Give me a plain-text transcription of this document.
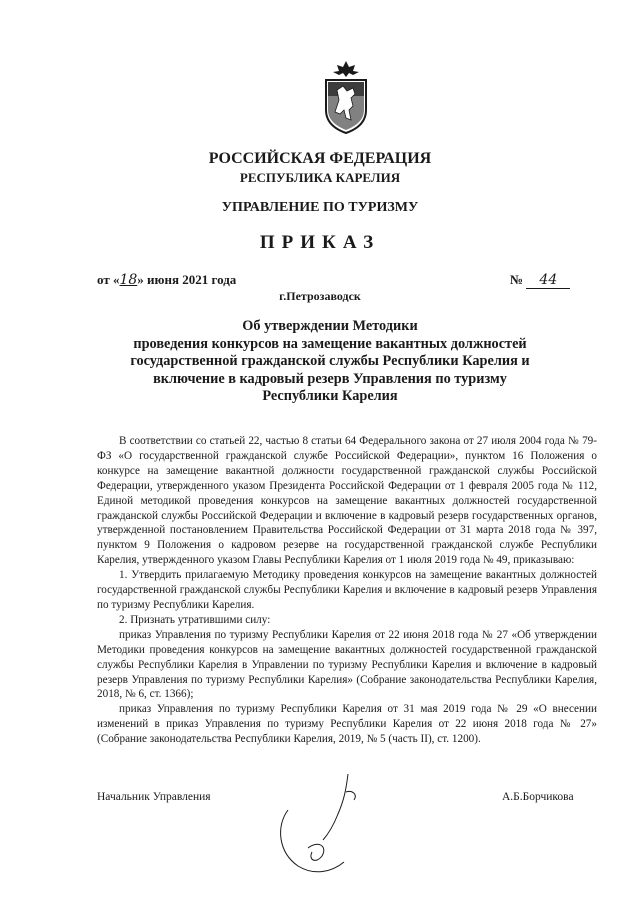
РОССИЙСКАЯ ФЕДЕРАЦИЯ
РЕСПУБЛИКА КАРЕЛИЯ
УПРАВЛЕНИЕ ПО ТУРИЗМУ
ПРИКАЗ
от «18» июня 2021 года	№ 44
г.Петрозаводск
Об утверждении Методики
проведения конкурсов на замещение вакантных должностей
государственной гражданской службы Республики Карелия и
включение в кадровый резерв Управления по туризму
Республики Карелия

В соответствии со статьей 22, частью 8 статьи 64 Федерального закона от 27 июля 2004 года № 79-ФЗ «О государственной гражданской службе Российской Федерации», пунктом 16 Положения о конкурсе на замещение вакантной должности государственной гражданской службы Российской Федерации, утвержденного указом Президента Российской Федерации от 1 февраля 2005 года № 112, Единой методикой проведения конкурсов на замещение вакантных должностей государственной гражданской службы Российской Федерации и включение в кадровый резерв государственных органов, утвержденной постановлением Правительства Российской Федерации от 31 марта 2018 года № 397, пунктом 9 Положения о кадровом резерве на государственной гражданской службе Республики Карелия, утвержденного указом Главы Республики Карелия от 1 июля 2019 года № 49, приказываю:

1. Утвердить прилагаемую Методику проведения конкурсов на замещение вакантных должностей государственной гражданской службы Республики Карелия и включение в кадровый резерв Управления по туризму Республики Карелия.

2. Признать утратившими силу:

приказ Управления по туризму Республики Карелия от 22 июня 2018 года № 27 «Об утверждении Методики проведения конкурсов на замещение вакантных должностей государственной гражданской службы Республики Карелия в Управлении по туризму Республики Карелия и включение в кадровый резерв Управления по туризму Республики Карелия» (Собрание законодательства Республики Карелия, 2018, № 6, ст. 1366);

приказ Управления по туризму Республики Карелия от 31 мая 2019 года № 29 «О внесении изменений в приказ Управления по туризму Республики Карелия от 22 июня 2018 года № 27» (Собрание законодательства Республики Карелия, 2019, № 5 (часть II), ст. 1200).

Начальник Управления	А.Б.Борчикова
